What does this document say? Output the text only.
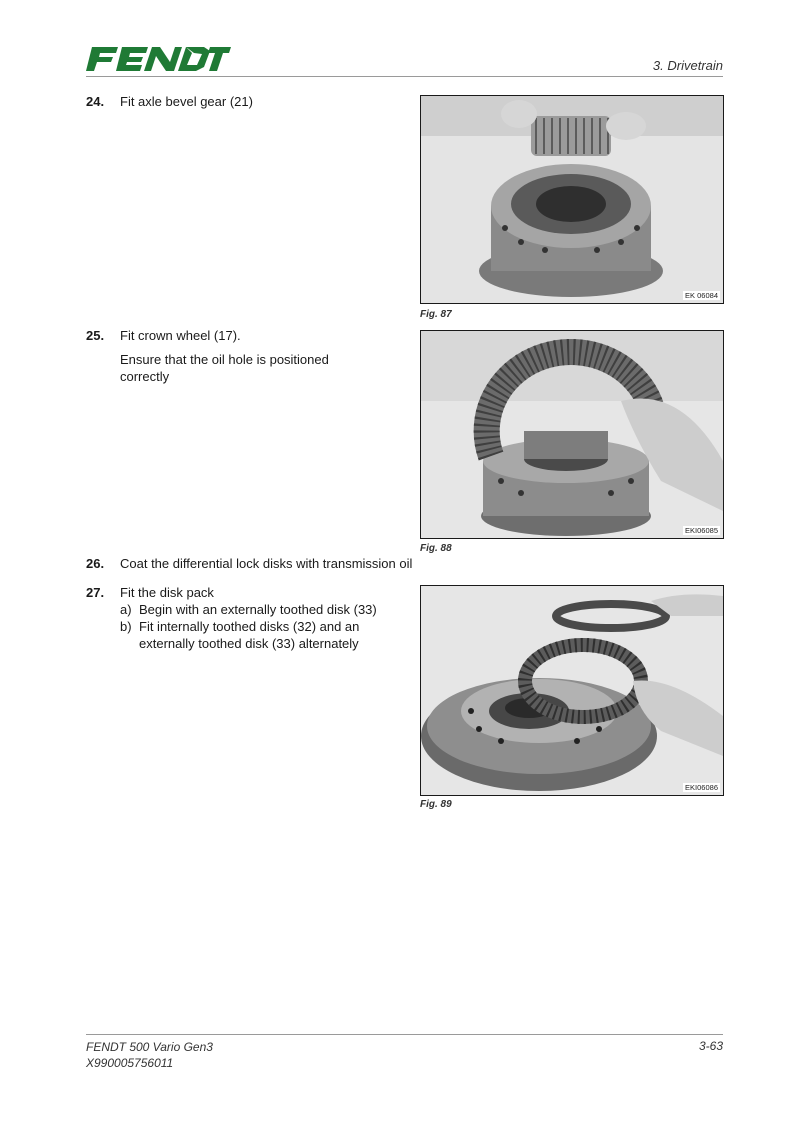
3. Drivetrain
24. Fit axle bevel gear (21)
EK 06084
Fig. 87
25. Fit crown wheel (17).
Ensure that the oil hole is positioned correctly
EKI06085
Fig. 88
26. Coat the differential lock disks with transmission oil
27. Fit the disk pack
a) Begin with an externally toothed disk (33)
b) Fit internally toothed disks (32) and an externally toothed disk (33) alternately
EKI06086
Fig. 89
FENDT 500 Vario Gen3
X990005756011
3-63
